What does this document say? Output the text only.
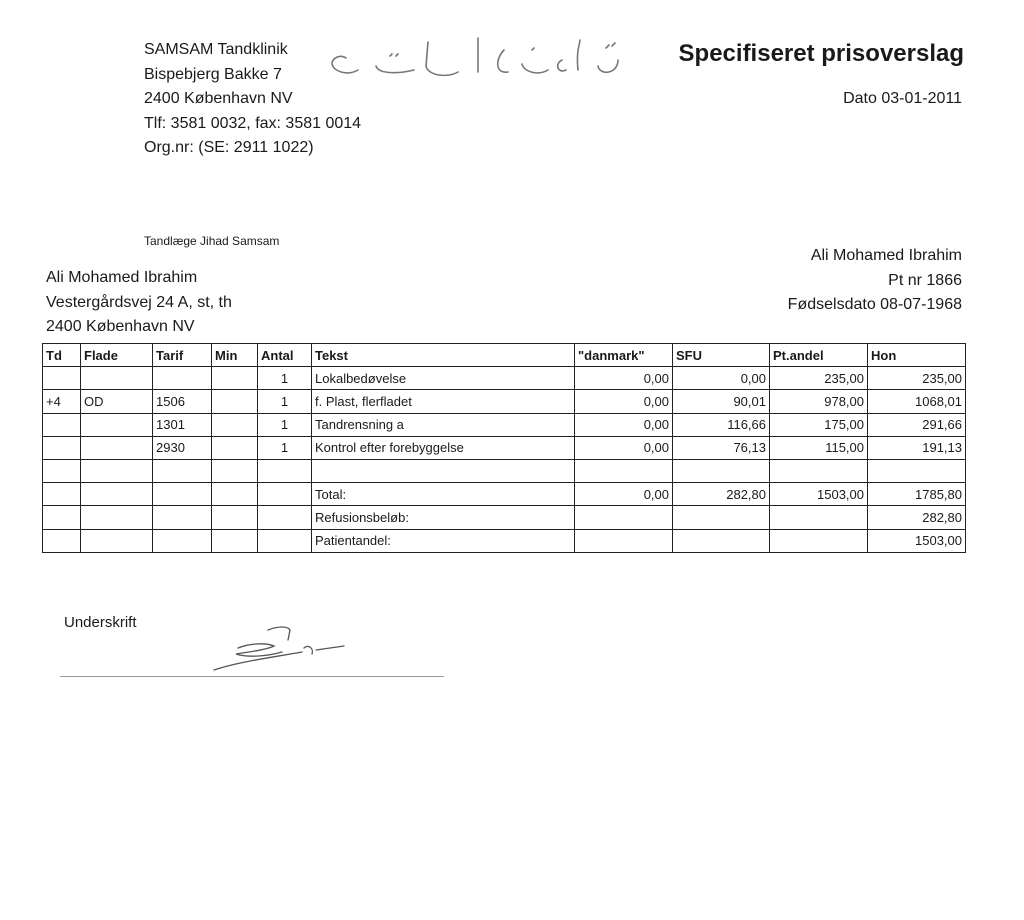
SAMSAM Tandklinik
Bispebjerg Bakke 7
2400 København NV
Tlf: 3581 0032, fax: 3581 0014
Org.nr: (SE: 2911 1022)
Specifiseret prisoverslag
Dato 03-01-2011
Tandlæge Jihad Samsam
Ali Mohamed Ibrahim
Vestergårdsvej 24 A, st, th
2400 København NV
Ali Mohamed Ibrahim
Pt nr 1866
Fødselsdato 08-07-1968
Td	Flade	Tarif	Min	Antal	Tekst	"danmark"	SFU	Pt.andel	Hon
				1	Lokalbedøvelse	0,00	0,00	235,00	235,00
+4	OD	1506		1	f. Plast, flerfladet	0,00	90,01	978,00	1068,01
		1301		1	Tandrensning a	0,00	116,66	175,00	291,66
		2930		1	Kontrol efter forebyggelse	0,00	76,13	115,00	191,13

					Total:	0,00	282,80	1503,00	1785,80
					Refusionsbeløb:				282,80
					Patientandel:				1503,00
Underskrift
